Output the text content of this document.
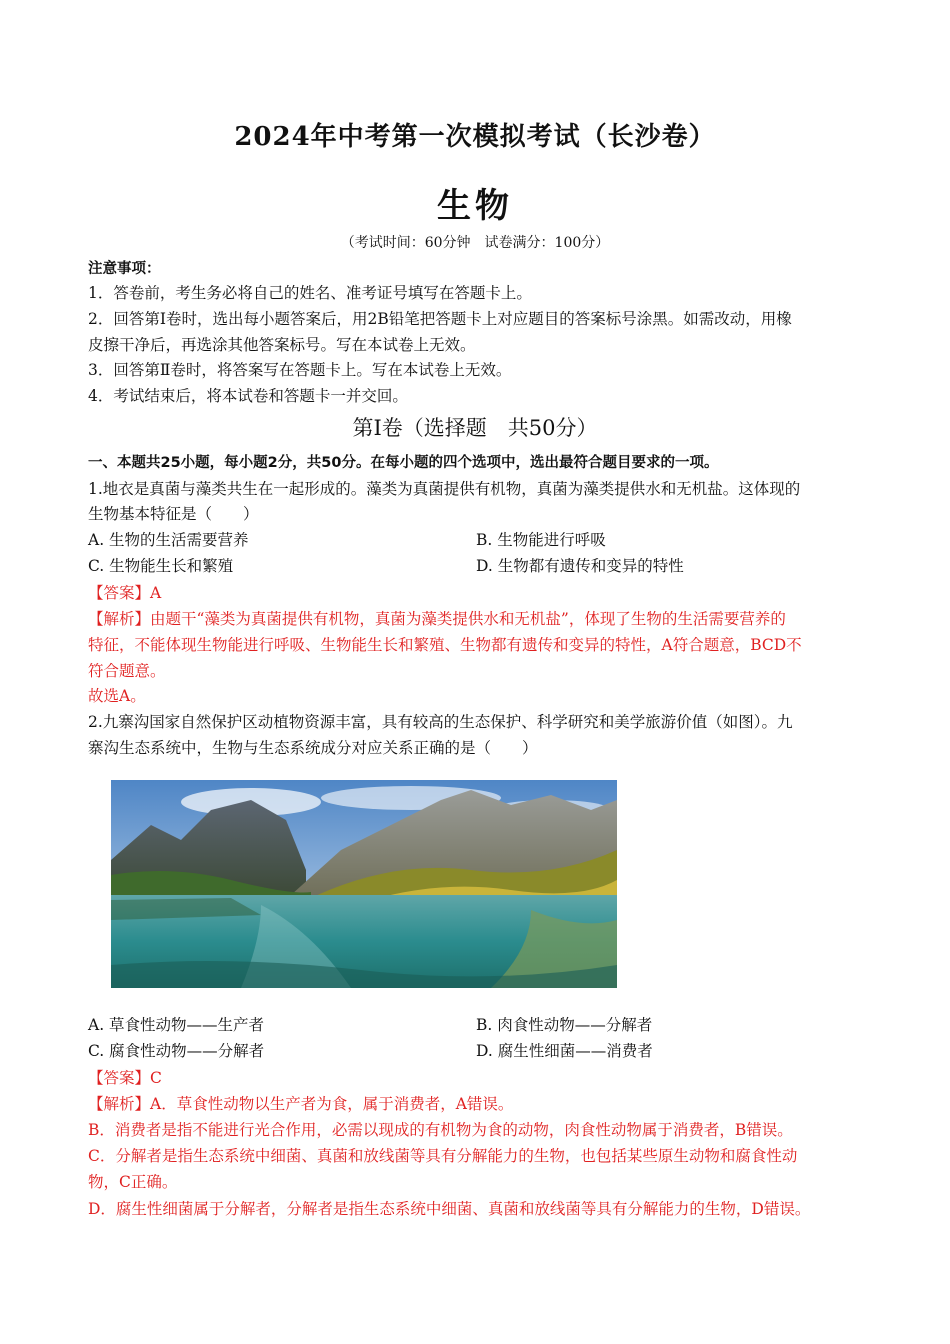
2024年中考第一次模拟考试（长沙卷）
生物
（考试时间：60分钟　试卷满分：100分）
注意事项：
1．答卷前，考生务必将自己的姓名、准考证号填写在答题卡上。
2．回答第Ⅰ卷时，选出每小题答案后，用2B铅笔把答题卡上对应题目的答案标号涂黑。如需改动，用橡
皮擦干净后，再选涂其他答案标号。写在本试卷上无效。
3．回答第Ⅱ卷时，将答案写在答题卡上。写在本试卷上无效。
4．考试结束后，将本试卷和答题卡一并交回。
第Ⅰ卷（选择题　共50分）
一、本题共25小题，每小题2分，共50分。在每小题的四个选项中，选出最符合题目要求的一项。
1.地衣是真菌与藻类共生在一起形成的。藻类为真菌提供有机物，真菌为藻类提供水和无机盐。这体现的
生物基本特征是（　　）
A. 生物的生活需要营养	B. 生物能进行呼吸
C. 生物能生长和繁殖	D. 生物都有遗传和变异的特性
【答案】A
【解析】由题干“藻类为真菌提供有机物，真菌为藻类提供水和无机盐”，体现了生物的生活需要营养的
特征，不能体现生物能进行呼吸、生物能生长和繁殖、生物都有遗传和变异的特性，A符合题意，BCD不
符合题意。
故选A。
2.九寨沟国家自然保护区动植物资源丰富，具有较高的生态保护、科学研究和美学旅游价值（如图）。九
寨沟生态系统中，生物与生态系统成分对应关系正确的是（　　）
A. 草食性动物——生产者	B. 肉食性动物——分解者
C. 腐食性动物——分解者	D. 腐生性细菌——消费者
【答案】C
【解析】A．草食性动物以生产者为食，属于消费者，A错误。
B．消费者是指不能进行光合作用，必需以现成的有机物为食的动物，肉食性动物属于消费者，B错误。
C．分解者是指生态系统中细菌、真菌和放线菌等具有分解能力的生物，也包括某些原生动物和腐食性动
物，C正确。
D．腐生性细菌属于分解者，分解者是指生态系统中细菌、真菌和放线菌等具有分解能力的生物，D错误。
